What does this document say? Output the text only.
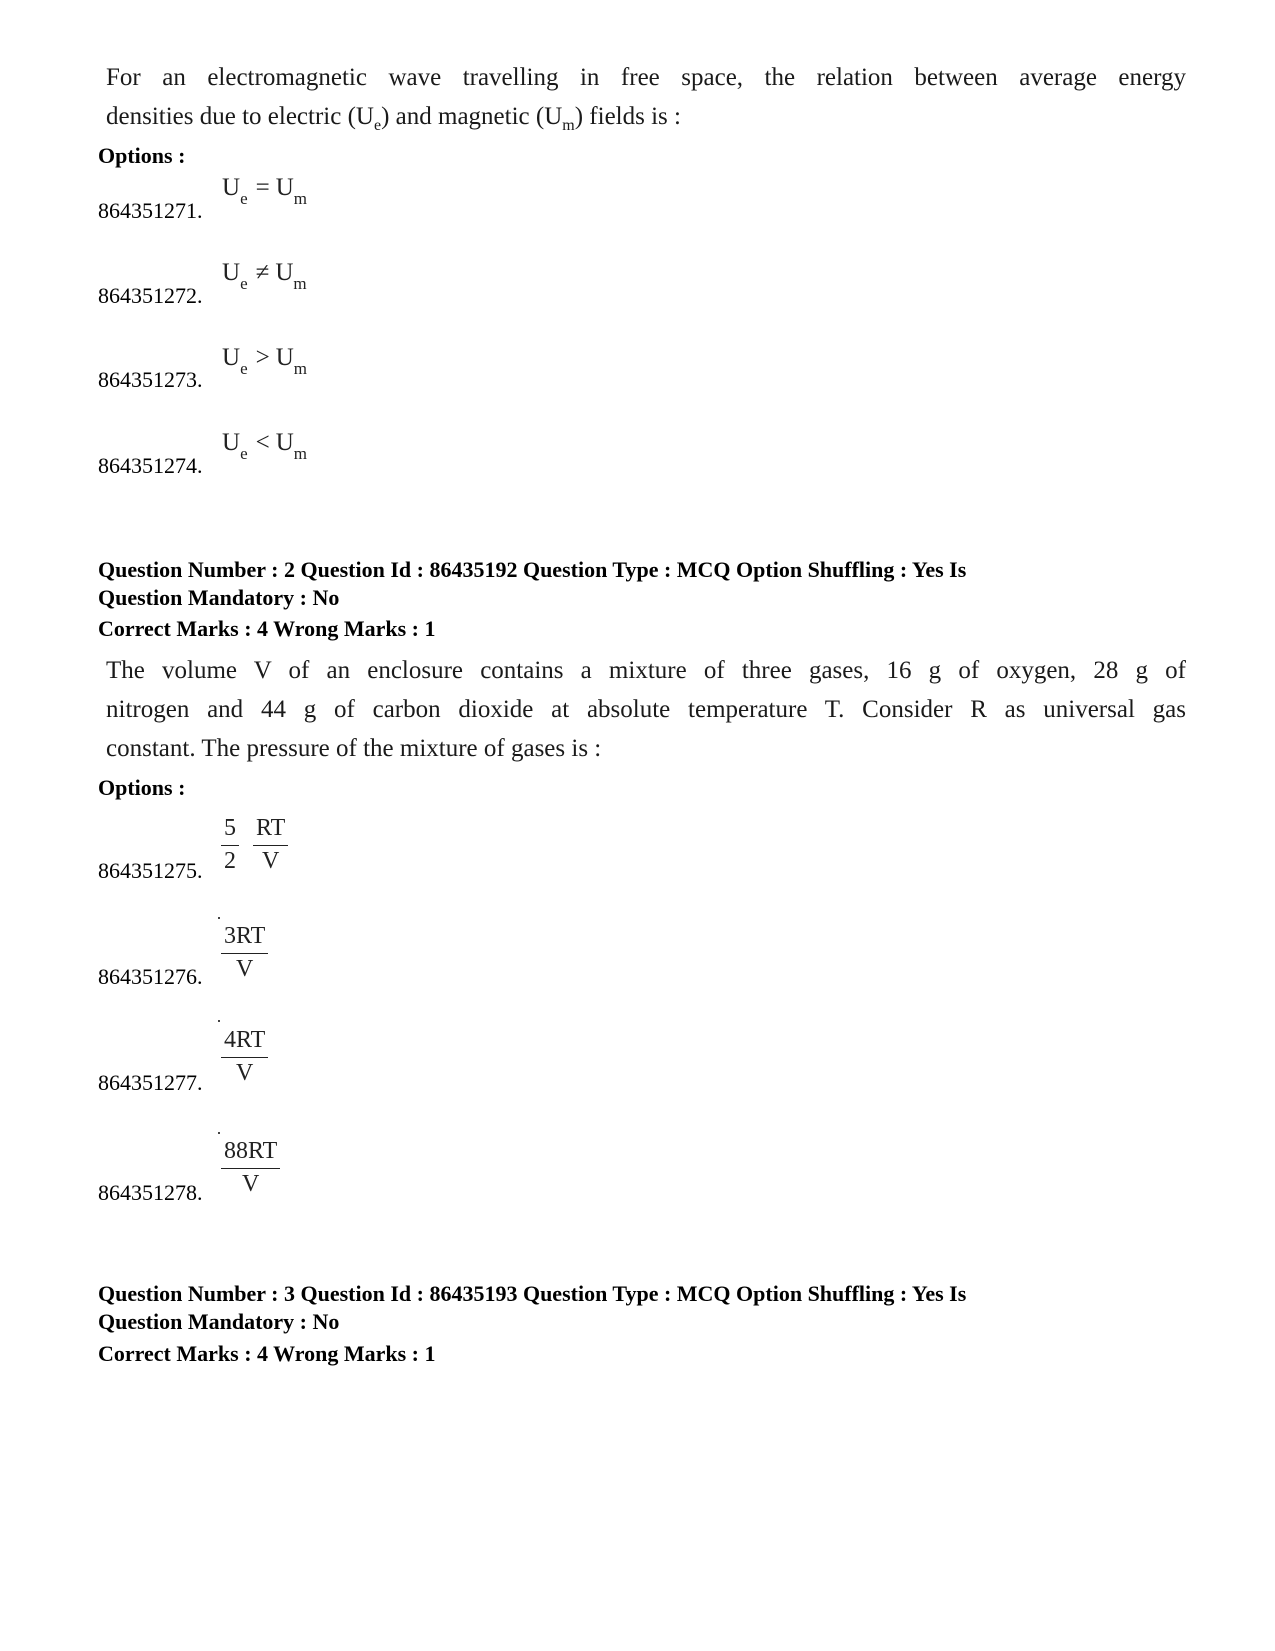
For an electromagnetic wave travelling in free space, the relation between average energy
densities due to electric $(U_e)$ and magnetic $(U_m)$ fields is :
Options :
864351271.
$U_e = U_m$
864351272.
$U_e \ne U_m$
864351273.
$U_e > U_m$
864351274.
$U_e < U_m$
Question Number : 2 Question Id : 86435192 Question Type : MCQ Option Shuffling : Yes Is
Question Mandatory : No
Correct Marks : 4 Wrong Marks : 1
The volume V of an enclosure contains a mixture of three gases, 16 g of oxygen, 28 g of
nitrogen and 44 g of carbon dioxide at absolute temperature T. Consider R as universal gas
constant. The pressure of the mixture of gases is :
Options :
864351275. $\frac{5}{2} \frac{RT}{V}$
864351276. $\frac{3RT}{V}$
864351277. $\frac{4RT}{V}$
864351278. $\frac{88RT}{V}$
Question Number : 3 Question Id : 86435193 Question Type : MCQ Option Shuffling : Yes Is
Question Mandatory : No
Correct Marks : 4 Wrong Marks : 1
